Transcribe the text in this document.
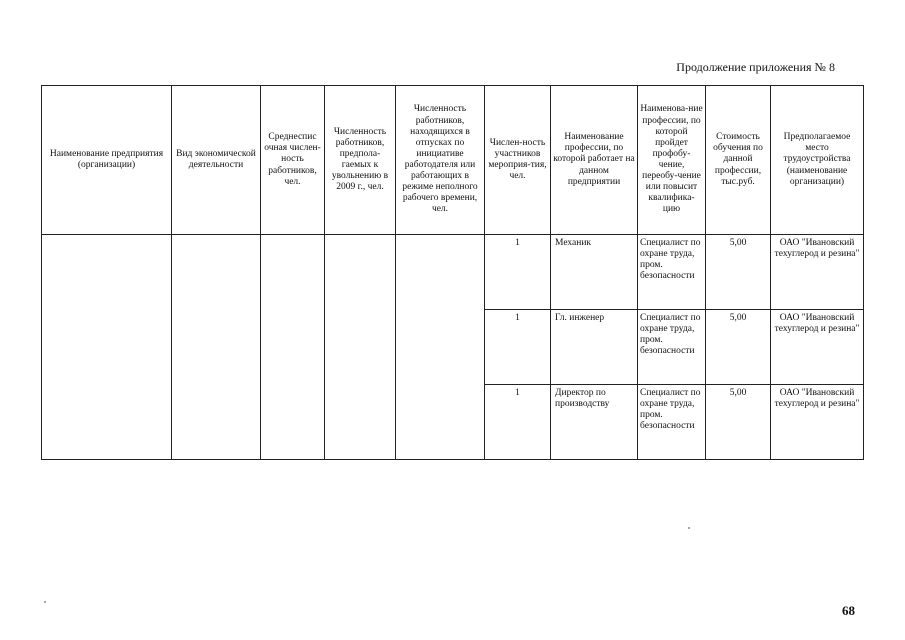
Продолжение приложения № 8
Наименование предприятия (организации)	Вид экономической деятельности	Среднеспис очная числен-ность работников, чел.	Численность работников, предпола-гаемых к увольнению в 2009 г., чел.	Численность работников, находящихся в отпусках по инициативе работодателя или работающих в режиме неполного рабочего времени, чел.	Числен-ность участников мероприя-тия, чел.	Наименование профессии, по которой работает на данном предприятии	Наименова-ние профессии, по которой пройдет профобу-чение, переобу-чение или повысит квалифика-цию	Стоимость обучения по данной профессии, тыс.руб.	Предполагаемое место трудоустройства (наименование организации)
					1	Механик	Специалист по охране труда, пром. безопасности	5,00	ОАО "Ивановский техуглерод и резина"
					1	Гл. инженер	Специалист по охране труда, пром. безопасности	5,00	ОАО "Ивановский техуглерод и резина"
					1	Директор по производству	Специалист по охране труда, пром. безопасности	5,00	ОАО "Ивановский техуглерод и резина"
68
